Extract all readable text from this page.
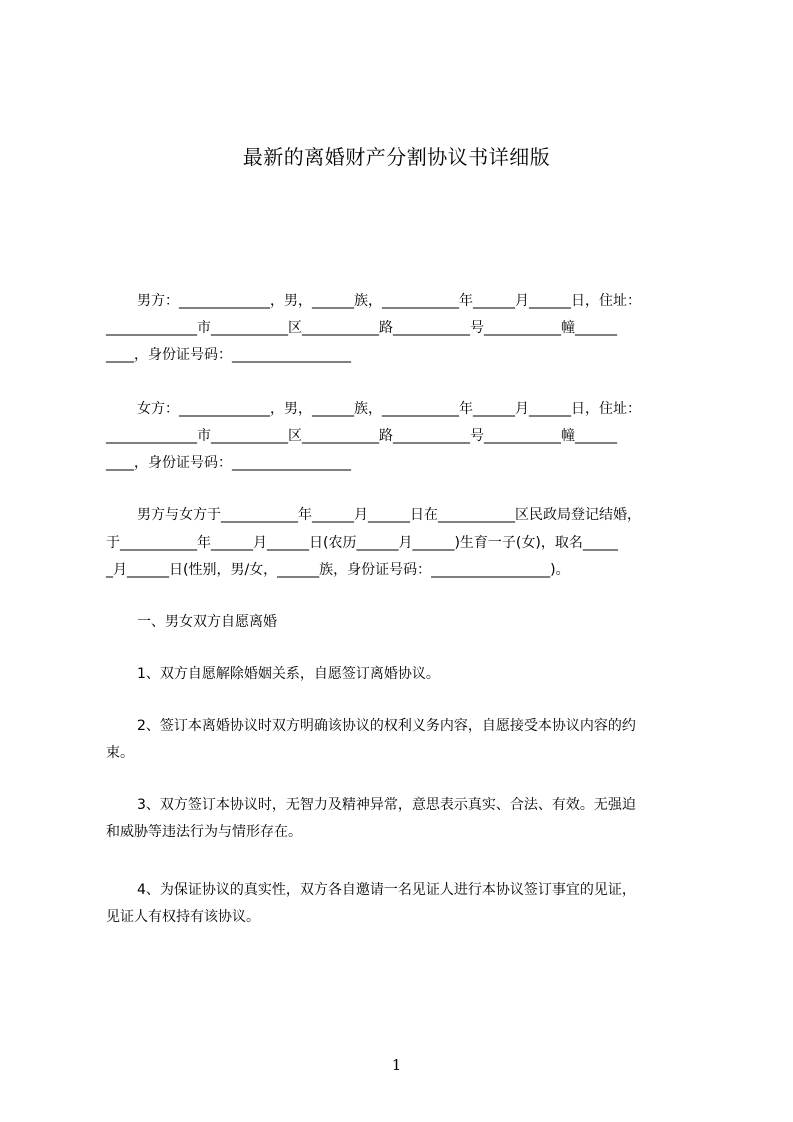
最新的离婚财产分割协议书详细版
男方：_____________，男，______族，___________年______月______日，住址：
_____________市___________区___________路___________号___________幢______
____，身份证号码：_________________
女方：_____________，男，______族，___________年______月______日，住址：
_____________市___________区___________路___________号___________幢______
____，身份证号码：_________________
男方与女方于___________年______月______日在___________区民政局登记结婚，
于___________年______月______日(农历______月______)生育一子(女)，取名_____
_月______日(性别，男/女，______族，身份证号码：_________________)。
一、男女双方自愿离婚
1、双方自愿解除婚姻关系，自愿签订离婚协议。
2、签订本离婚协议时双方明确该协议的权利义务内容，自愿接受本协议内容的约
束。
3、双方签订本协议时，无智力及精神异常，意思表示真实、合法、有效。无强迫
和威胁等违法行为与情形存在。
4、为保证协议的真实性，双方各自邀请一名见证人进行本协议签订事宜的见证，
见证人有权持有该协议。
1
